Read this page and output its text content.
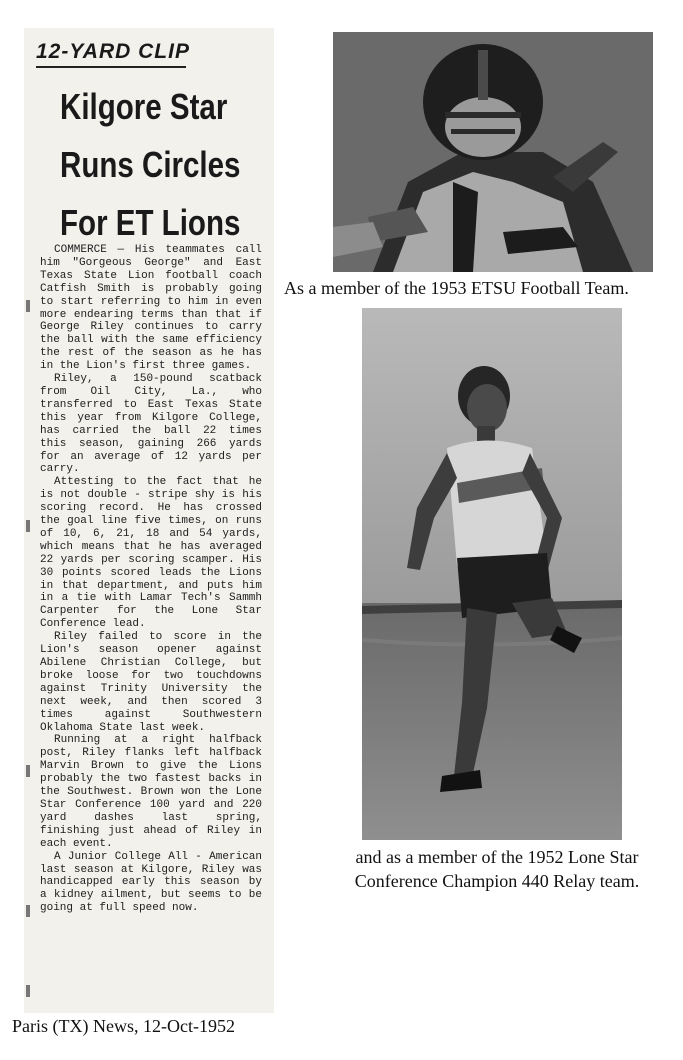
12-YARD CLIP
Kilgore Star
Runs Circles
For ET Lions

COMMERCE — His teammates call him "Gorgeous George" and East Texas State Lion football coach Catfish Smith is probably going to start referring to him in even more endearing terms than that if George Riley continues to carry the ball with the same efficiency the rest of the season as he has in the Lion's first three games.

Riley, a 150-pound scatback from Oil City, La., who transferred to East Texas State this year from Kilgore College, has carried the ball 22 times this season, gaining 266 yards for an average of 12 yards per carry.

Attesting to the fact that he is not double - stripe shy is his scoring record. He has crossed the goal line five times, on runs of 10, 6, 21, 18 and 54 yards, which means that he has averaged 22 yards per scoring scamper. His 30 points scored leads the Lions in that department, and puts him in a tie with Lamar Tech's Sammh Carpenter for the Lone Star Conference lead.

Riley failed to score in the Lion's season opener against Abilene Christian College, but broke loose for two touchdowns against Trinity University the next week, and then scored 3 times against Southwestern Oklahoma State last week.

Running at a right halfback post, Riley flanks left halfback Marvin Brown to give the Lions probably the two fastest backs in the Southwest. Brown won the Lone Star Conference 100 yard and 220 yard dashes last spring, finishing just ahead of Riley in each event.

A Junior College All - American last season at Kilgore, Riley was handicapped early this season by a kidney ailment, but seems to be going at full speed now.

Paris (TX) News, 12-Oct-1952
As a member of the 1953 ETSU Football Team.
and as a member of the 1952 Lone Star Conference Champion 440 Relay team.
